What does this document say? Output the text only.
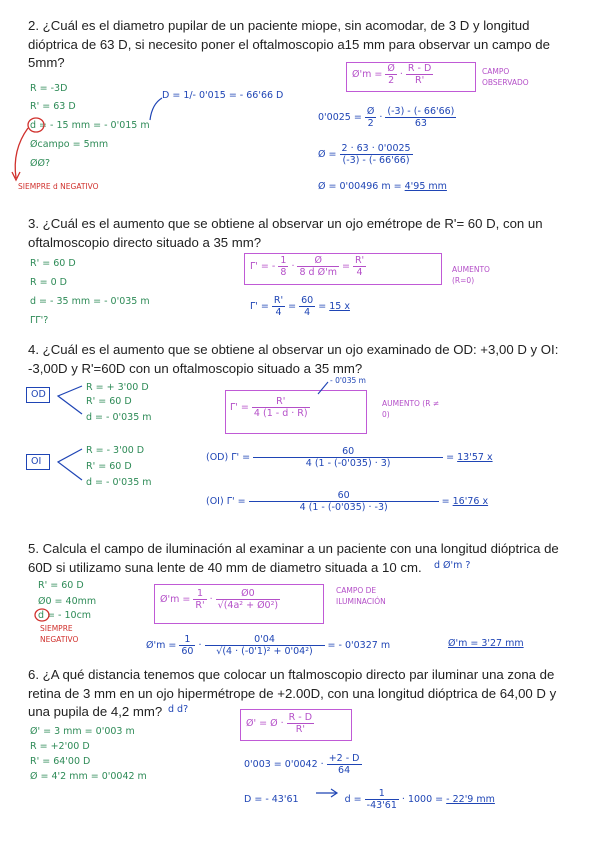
2. ¿Cuál es el diametro pupilar de un paciente miope, sin acomodar, de 3 D y longitud dióptrica de 63 D, si necesito poner el oftalmoscopio a15 mm para observar un campo de 5mm?

R = -3D
R' = 63 D
d = - 15 mm = - 0'015 m
Øcampo = 5mm
ØØ?
D = 1/- 0'015 = - 66'66 D
SIEMPRE d NEGATIVO
Ø'm = $\frac{Ø}{2} \cdot \frac{R - D}{R'}$	CAMPO OBSERVADO
$0'0025 = \frac{Ø}{2} \cdot \frac{(-3) - (- 66'66)}{63}$
Ø = $\frac{2 \cdot 63 \cdot 0'0025}{(-3) - (- 66'66)}$
Ø = 0'00496 m = 4'95 mm

3. ¿Cuál es el aumento que se obtiene al observar un ojo emétrope de R'= 60 D, con un oftalmoscopio directo situado a 35 mm?

R' = 60 D
R = 0 D
d = - 35 mm = - 0'035 m
ΓΓ'?
Γ' = - $\frac{1}{8} \cdot \frac{Ø}{\text{8 d Ø'm}} = \frac{R'}{4}$	AUMENTO (R=0)
$\Gamma' = \frac{R'}{4} = \frac{60}{4} = 15$ x

4. ¿Cuál es el aumento que se obtiene al observar un ojo examinado de OD: +3,00 D y OI: -3,00D y R'=60D con un oftalmoscopio situado a 35 mm?

- 0'035 m
OD
R = + 3'00 D
R' = 60 D
d = - 0'035 m
$\Gamma' = \frac{R'}{4 (1 - d \cdot R)}$	AUMENTO (R ≠ 0)
OI
R = - 3'00 D
R' = 60 D
d = - 0'035 m
(OD) $\Gamma' = \frac{60}{4 (1 - (-0'035) \cdot 3)} = 13'57$ x
(OI) $\Gamma' = \frac{60}{4 (1 - (-0'035) \cdot -3)} = 16'76$ x

5. Calcula el campo de iluminación al examinar a un paciente con una longitud dióptrica de 60D si utilizamo suna lente de 40 mm de diametro situada a 10 cm.	d Ø'm ?
R' = 60 D
Ø0 = 40mm
d = - 10cm
SIEMPRE NEGATIVO
Ø'm = $\frac{1}{R'} \cdot \frac{Ø0}{\text{√(4a² + Ø0²)}}$	CAMPO DE ILUMINACIÓN
Ø'm = $\frac{1}{60} \cdot \frac{0'04}{\text{√(4 · (-0'1)² + 0'04²)}}$ = - 0'0327 m	Ø'm = 3'27 mm

6. ¿A qué distancia tenemos que colocar un ftalmoscopio directo par iluminar una zona de retina de 3 mm en un ojo hipermétrope de +2.00D, con una longitud dióptrica de 64,00 D y una pupila de 4,2 mm? d d?
Ø' = 3 mm = 0'003 m
R = +2'00 D
R' = 64'00 D
Ø = 4'2 mm = 0'0042 m
Ø' = Ø · $\frac{R - D}{R'}$
$0'003 = 0'0042 \cdot \frac{+2 - D}{64}$
D = - 43'61	$d = \frac{1}{-43'61} \cdot 1000$ = - 22'9 mm
